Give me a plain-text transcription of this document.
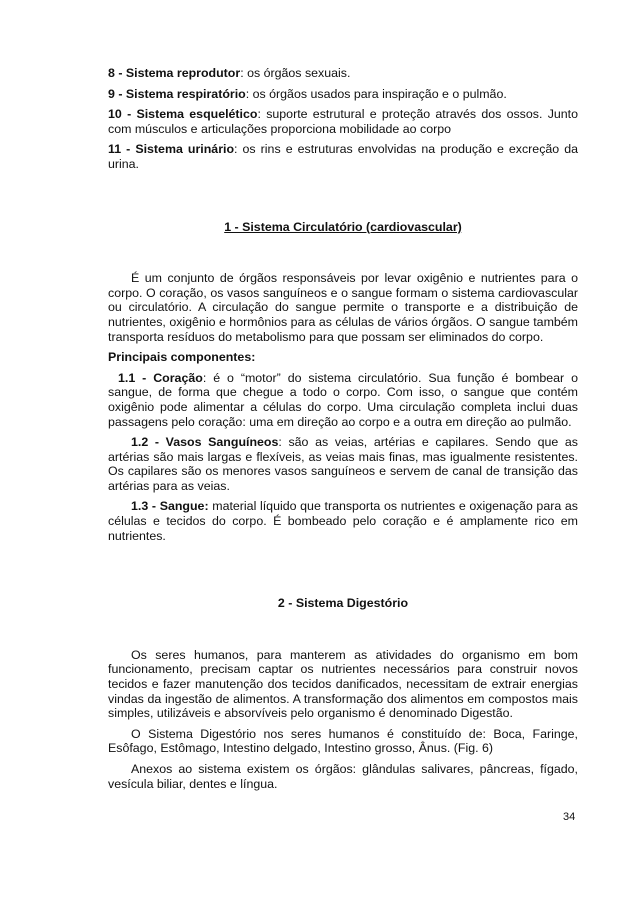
8 - Sistema reprodutor: os órgãos sexuais.

9 - Sistema respiratório: os órgãos usados para inspiração e o pulmão.

10 - Sistema esquelético: suporte estrutural e proteção através dos ossos. Junto com músculos e articulações proporciona mobilidade ao corpo

11 - Sistema urinário: os rins e estruturas envolvidas na produção e excreção da urina.

1 - Sistema Circulatório (cardiovascular)

É um conjunto de órgãos responsáveis por levar oxigênio e nutrientes para o corpo. O coração, os vasos sanguíneos e o sangue formam o sistema cardiovascular ou circulatório. A circulação do sangue permite o transporte e a distribuição de nutrientes, oxigênio e hormônios para as células de vários órgãos. O sangue também transporta resíduos do metabolismo para que possam ser eliminados do corpo.

Principais componentes:

1.1 - Coração: é o “motor” do sistema circulatório. Sua função é bombear o sangue, de forma que chegue a todo o corpo. Com isso, o sangue que contém oxigênio pode alimentar a células do corpo. Uma circulação completa inclui duas passagens pelo coração: uma em direção ao corpo e a outra em direção ao pulmão.

1.2 - Vasos Sanguíneos: são as veias, artérias e capilares. Sendo que as artérias são mais largas e flexíveis, as veias mais finas, mas igualmente resistentes. Os capilares são os menores vasos sanguíneos e servem de canal de transição das artérias para as veias.

1.3 - Sangue: material líquido que transporta os nutrientes e oxigenação para as células e tecidos do corpo. É bombeado pelo coração e é amplamente rico em nutrientes.

2 - Sistema Digestório

Os seres humanos, para manterem as atividades do organismo em bom funcionamento, precisam captar os nutrientes necessários para construir novos tecidos e fazer manutenção dos tecidos danificados, necessitam de extrair energias vindas da ingestão de alimentos. A transformação dos alimentos em compostos mais simples, utilizáveis e absorvíveis pelo organismo é denominado Digestão.

O Sistema Digestório nos seres humanos é constituído de: Boca, Faringe, Esôfago, Estômago, Intestino delgado, Intestino grosso, Ânus. (Fig. 6)

Anexos ao sistema existem os órgãos: glândulas salivares, pâncreas, fígado, vesícula biliar, dentes e língua.

34
